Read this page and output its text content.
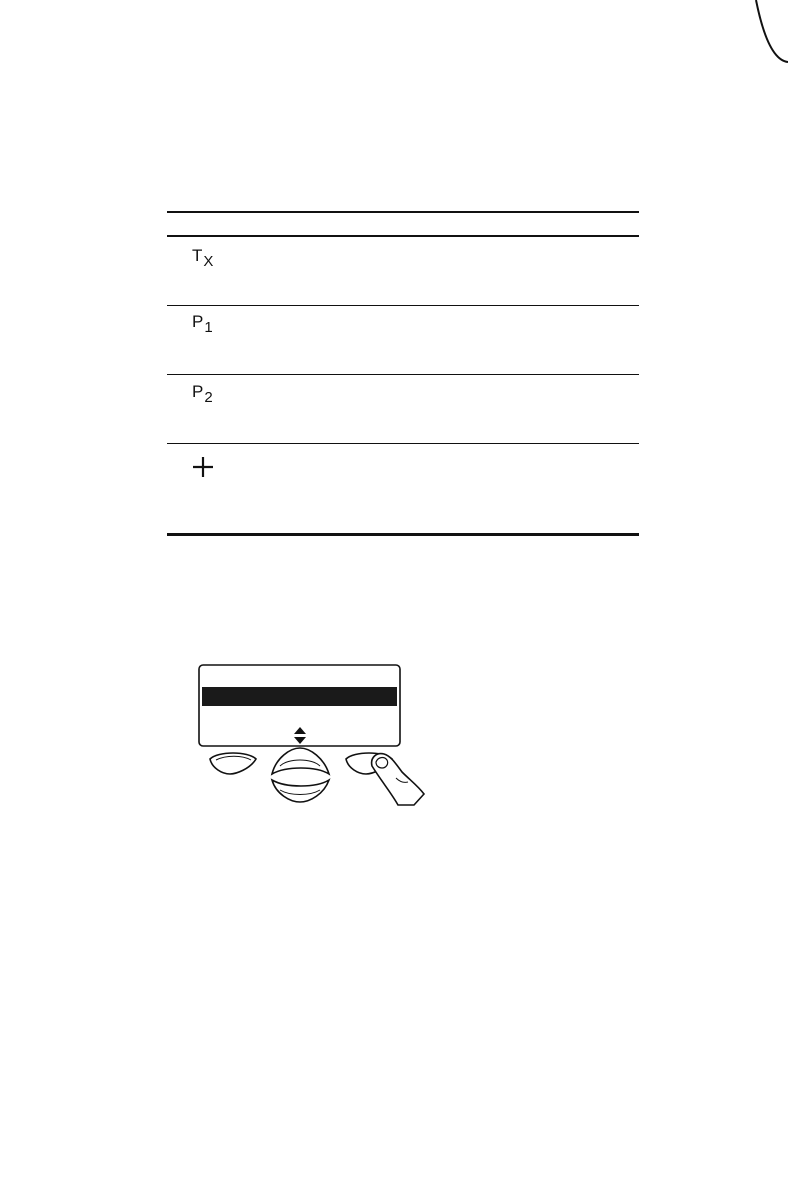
$T_X$
$P_1$
$P_2$
